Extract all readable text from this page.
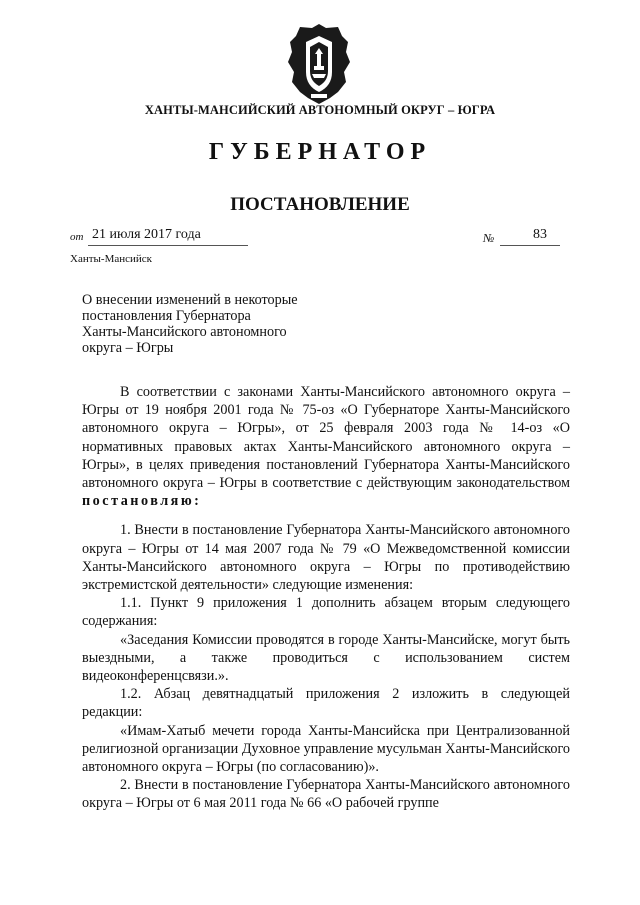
ХАНТЫ-МАНСИЙСКИЙ АВТОНОМНЫЙ ОКРУГ – ЮГРА
ГУБЕРНАТОР
ПОСТАНОВЛЕНИЕ
от 21 июля 2017 года	№	83
Ханты-Мансийск
О внесении изменений в некоторые
постановления Губернатора
Ханты-Мансийского автономного
округа – Югры

В соответствии с законами Ханты-Мансийского автономного округа – Югры от 19 ноября 2001 года № 75-оз «О Губернаторе Ханты-Мансийского автономного округа – Югры», от 25 февраля 2003 года № 14-оз «О нормативных правовых актах Ханты-Мансийского автономного округа – Югры», в целях приведения постановлений Губернатора Ханты-Мансийского автономного округа – Югры в соответствие с действующим законодательством постановляю:

1. Внести в постановление Губернатора Ханты-Мансийского автономного округа – Югры от 14 мая 2007 года № 79 «О Межведомственной комиссии Ханты-Мансийского автономного округа – Югры по противодействию экстремистской деятельности» следующие изменения:

1.1. Пункт 9 приложения 1 дополнить абзацем вторым следующего содержания:

«Заседания Комиссии проводятся в городе Ханты-Мансийске, могут быть выездными, а также проводиться с использованием систем видеоконференцсвязи.».

1.2. Абзац девятнадцатый приложения 2 изложить в следующей редакции:

«Имам-Хатыб мечети города Ханты-Мансийска при Централизованной религиозной организации Духовное управление мусульман Ханты-Мансийского автономного округа – Югры (по согласованию)».

2. Внести в постановление Губернатора Ханты-Мансийского автономного округа – Югры от 6 мая 2011 года № 66 «О рабочей группе
